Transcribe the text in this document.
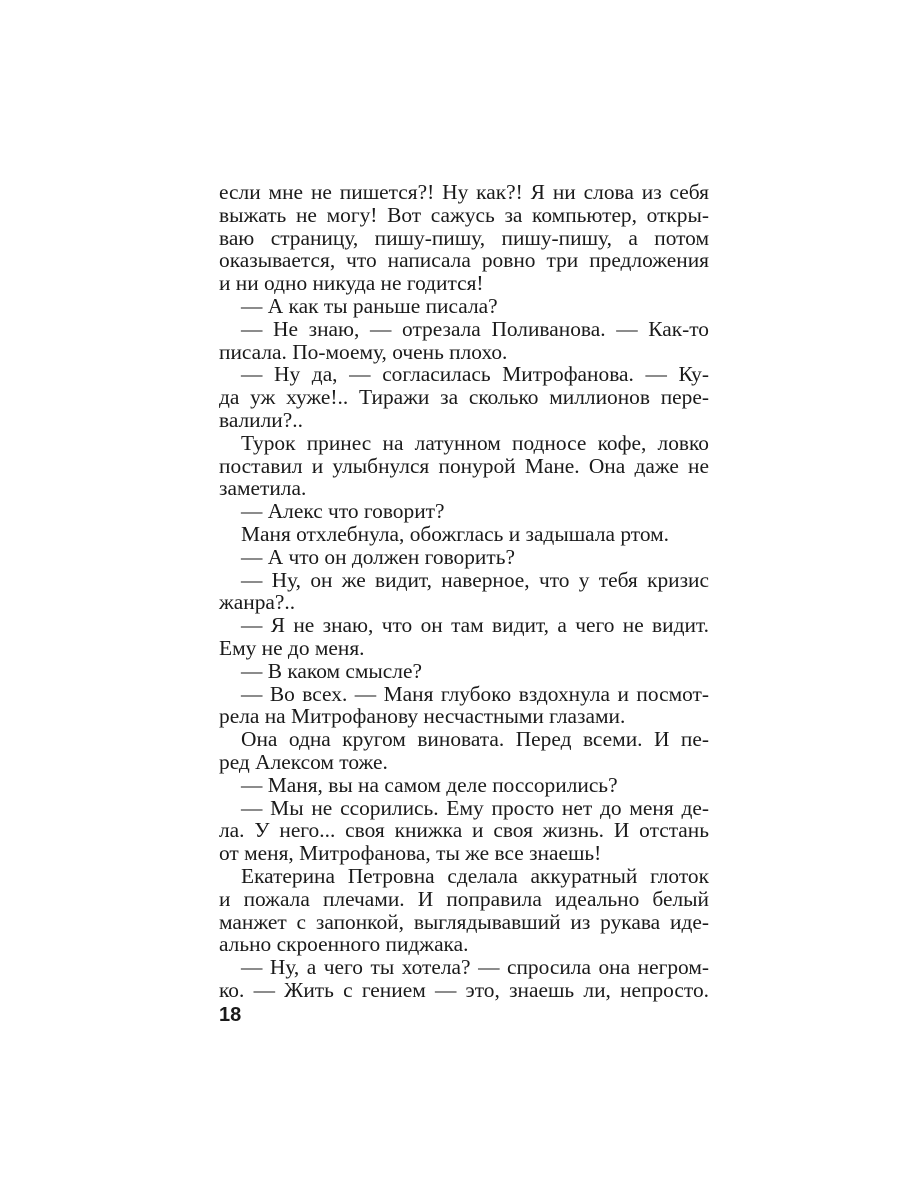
если мне не пишется?! Ну как?! Я ни слова из себя
выжать не могу! Вот сажусь за компьютер, откры-
ваю страницу, пишу-пишу, пишу-пишу, а потом
оказывается, что написала ровно три предложения
и ни одно никуда не годится!
— А как ты раньше писала?
— Не знаю, — отрезала Поливанова. — Как-то
писала. По-моему, очень плохо.
— Ну да, — согласилась Митрофанова. — Ку-
да уж хуже!.. Тиражи за сколько миллионов пере-
валили?..
Турок принес на латунном подносе кофе, ловко
поставил и улыбнулся понурой Мане. Она даже не
заметила.
— Алекс что говорит?
Маня отхлебнула, обожглась и задышала ртом.
— А что он должен говорить?
— Ну, он же видит, наверное, что у тебя кризис
жанра?..
— Я не знаю, что он там видит, а чего не видит.
Ему не до меня.
— В каком смысле?
— Во всех. — Маня глубоко вздохнула и посмот-
рела на Митрофанову несчастными глазами.
Она одна кругом виновата. Перед всеми. И пе-
ред Алексом тоже.
— Маня, вы на самом деле поссорились?
— Мы не ссорились. Ему просто нет до меня де-
ла. У него... своя книжка и своя жизнь. И отстань
от меня, Митрофанова, ты же все знаешь!
Екатерина Петровна сделала аккуратный глоток
и пожала плечами. И поправила идеально белый
манжет с запонкой, выглядывавший из рукава иде-
ально скроенного пиджака.
— Ну, а чего ты хотела? — спросила она негром-
ко. — Жить с гением — это, знаешь ли, непросто.
18
